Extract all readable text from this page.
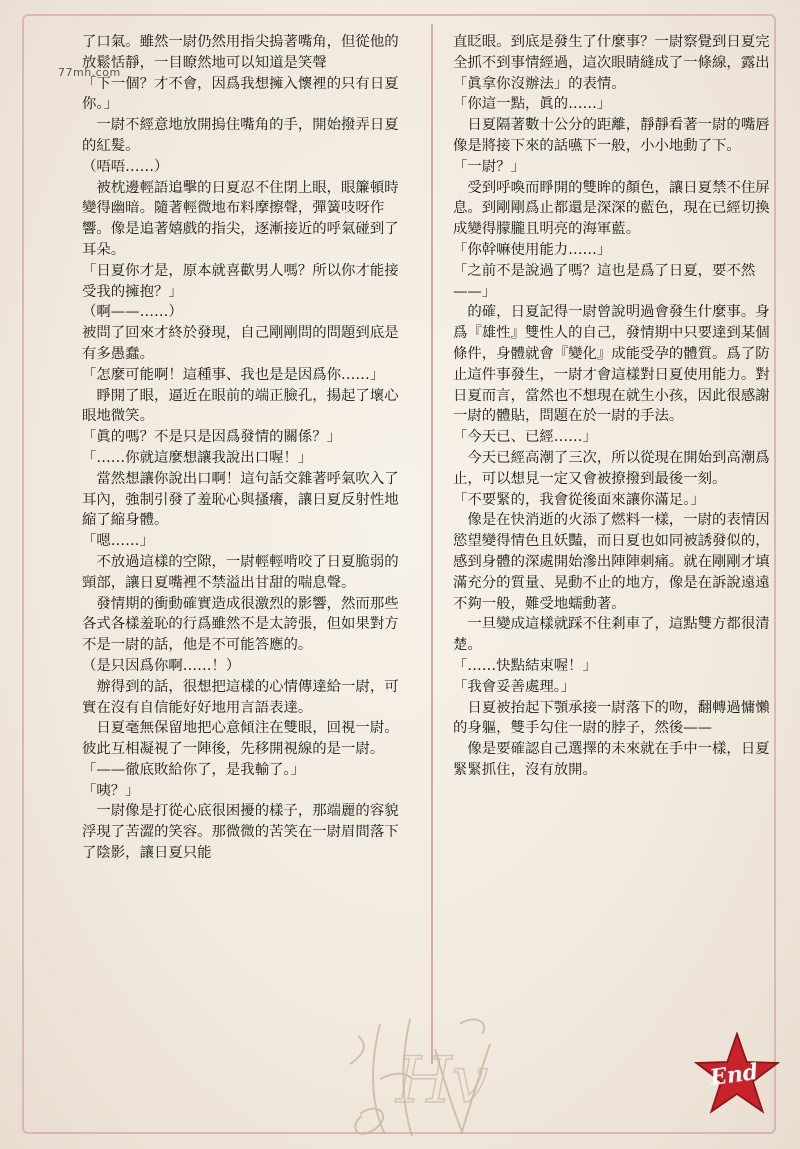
77mh.com

了口氣。雖然一尉仍然用指尖摀著嘴角，但從他的放鬆恬靜，一目瞭然地可以知道是笑聲

「下一個？才不會，因爲我想擁入懷裡的只有日夏你。」

一尉不經意地放開摀住嘴角的手，開始撥弄日夏的紅髮。

（唔唔……）

被枕邊輕語追擊的日夏忍不住閉上眼，眼簾頓時變得幽暗。隨著輕微地布料摩擦聲，彈簧吱呀作響。像是追著嬉戲的指尖，逐漸接近的呼氣碰到了耳朵。

「日夏你才是，原本就喜歡男人嗎？所以你才能接受我的擁抱？」

（啊——……）

被問了回來才終於發現，自己剛剛問的問題到底是有多愚蠢。

「怎麼可能啊！這種事、我也是是因爲你……」

睜開了眼，逼近在眼前的端正臉孔，揚起了壞心眼地微笑。

「眞的嗎？不是只是因爲發情的關係？」

「……你就這麼想讓我說出口喔！」

當然想讓你說出口啊！這句話交雜著呼氣吹入了耳內，強制引發了羞恥心與搔癢，讓日夏反射性地縮了縮身體。

「嗯……」

不放過這樣的空隙，一尉輕輕啃咬了日夏脆弱的頸部，讓日夏嘴裡不禁溢出甘甜的喘息聲。

發情期的衝動確實造成很激烈的影響，然而那些各式各樣羞恥的行爲雖然不是太誇張，但如果對方不是一尉的話，他是不可能答應的。

（是只因爲你啊……！）

辦得到的話，很想把這樣的心情傳達給一尉，可實在沒有自信能好好地用言語表達。

日夏毫無保留地把心意傾注在雙眼，回視一尉。彼此互相凝視了一陣後，先移開視線的是一尉。

「——徹底敗給你了，是我輸了。」

「咦？」

一尉像是打從心底很困擾的樣子，那端麗的容貌浮現了苦澀的笑容。那微微的苦笑在一尉眉間落下了陰影，讓日夏只能

直眨眼。到底是發生了什麼事？一尉察覺到日夏完全抓不到事情經過，這次眼睛縫成了一條線，露出「眞拿你沒辦法」的表情。

「你這一點，眞的……」

日夏隔著數十公分的距離，靜靜看著一尉的嘴唇像是將接下來的話嚥下一般，小小地動了下。

「一尉？」

受到呼喚而睜開的雙眸的顏色，讓日夏禁不住屏息。到剛剛爲止都還是深深的藍色，現在已經切換成變得朦朧且明亮的海軍藍。

「你幹嘛使用能力……」

「之前不是說過了嗎？這也是爲了日夏，要不然——」

的確，日夏記得一尉曾說明過會發生什麼事。身爲『雄性』雙性人的自己，發情期中只要達到某個條件，身體就會『變化』成能受孕的體質。爲了防止這件事發生，一尉才會這樣對日夏使用能力。對日夏而言，當然也不想現在就生小孩，因此很感謝一尉的體貼，問題在於一尉的手法。

「今天已、已經……」

今天已經高潮了三次，所以從現在開始到高潮爲止，可以想見一定又會被撩撥到最後一刻。

「不要緊的，我會從後面來讓你滿足。」

像是在快消逝的火添了燃料一樣，一尉的表情因慾望變得情色且妖豔，而日夏也如同被誘發似的，感到身體的深處開始滲出陣陣刺痛。就在剛剛才填滿充分的質量、晃動不止的地方，像是在訴說遠遠不夠一般，難受地蠕動著。

一旦變成這樣就踩不住剎車了，這點雙方都很清楚。

「……快點結束喔！」

「我會妥善處理。」

日夏被抬起下顎承接一尉落下的吻，翻轉過慵懶的身軀，雙手勾住一尉的脖子，然後——

像是要確認自己選擇的未來就在手中一樣，日夏緊緊抓住，沒有放開。

Hv	End
